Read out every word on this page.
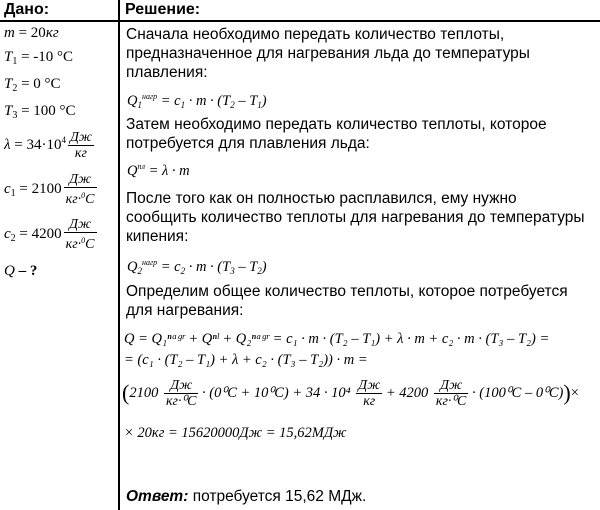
Дано:	Решение:
m = 20кг
$T_1 = -10$ °C
$T_2 = 0$ °C
$T_3 = 100$ °C
$\lambda = 34\cdot 10^4 \frac{Дж}{кг}$
$c_1 = 2100 \frac{Дж}{кг\cdot^0C}$
$c_2 = 4200 \frac{Дж}{кг\cdot^0C}$
Q – ?
Сначала необходимо передать количество теплоты,
предназначенное для нагревания льда до температуры
плавления:
$Q_1^{нагр} = c_1 \cdot m \cdot (T_2 - T_1)$
Затем необходимо передать количество теплоты, которое
потребуется для плавления льда:
$Q^{пл} = \lambda \cdot m$
После того как он полностью расплавился, ему нужно
сообщить количество теплоты для нагревания до температуры
кипения:
$Q_2^{нагр} = c_2 \cdot m \cdot (T_3 - T_2)$
Определим общее количество теплоты, которое потребуется
для нагревания:
Q = Q₁ⁿᵃᵍʳ + Qⁿˡ + Q₂ⁿᵃᵍʳ = c₁ · m · (T₂ – T₁) + λ · m + c₂ · m · (T₃ – T₂) =
= (c₁ · (T₂ – T₁) + λ + c₂ · (T₃ – T₂)) · m =
$(2100 \frac{Дж}{\text{кг·⁰C}} \cdot (0^0C + 10^0C) + 34 \cdot 10^4 \frac{Дж}{кг} + 4200 \frac{Дж}{\text{кг·⁰C}} \cdot (100^0C - 0^0C))\times$
× 20кг = 15620000Дж = 15,62МДж
Ответ: потребуется 15,62 МДж.
